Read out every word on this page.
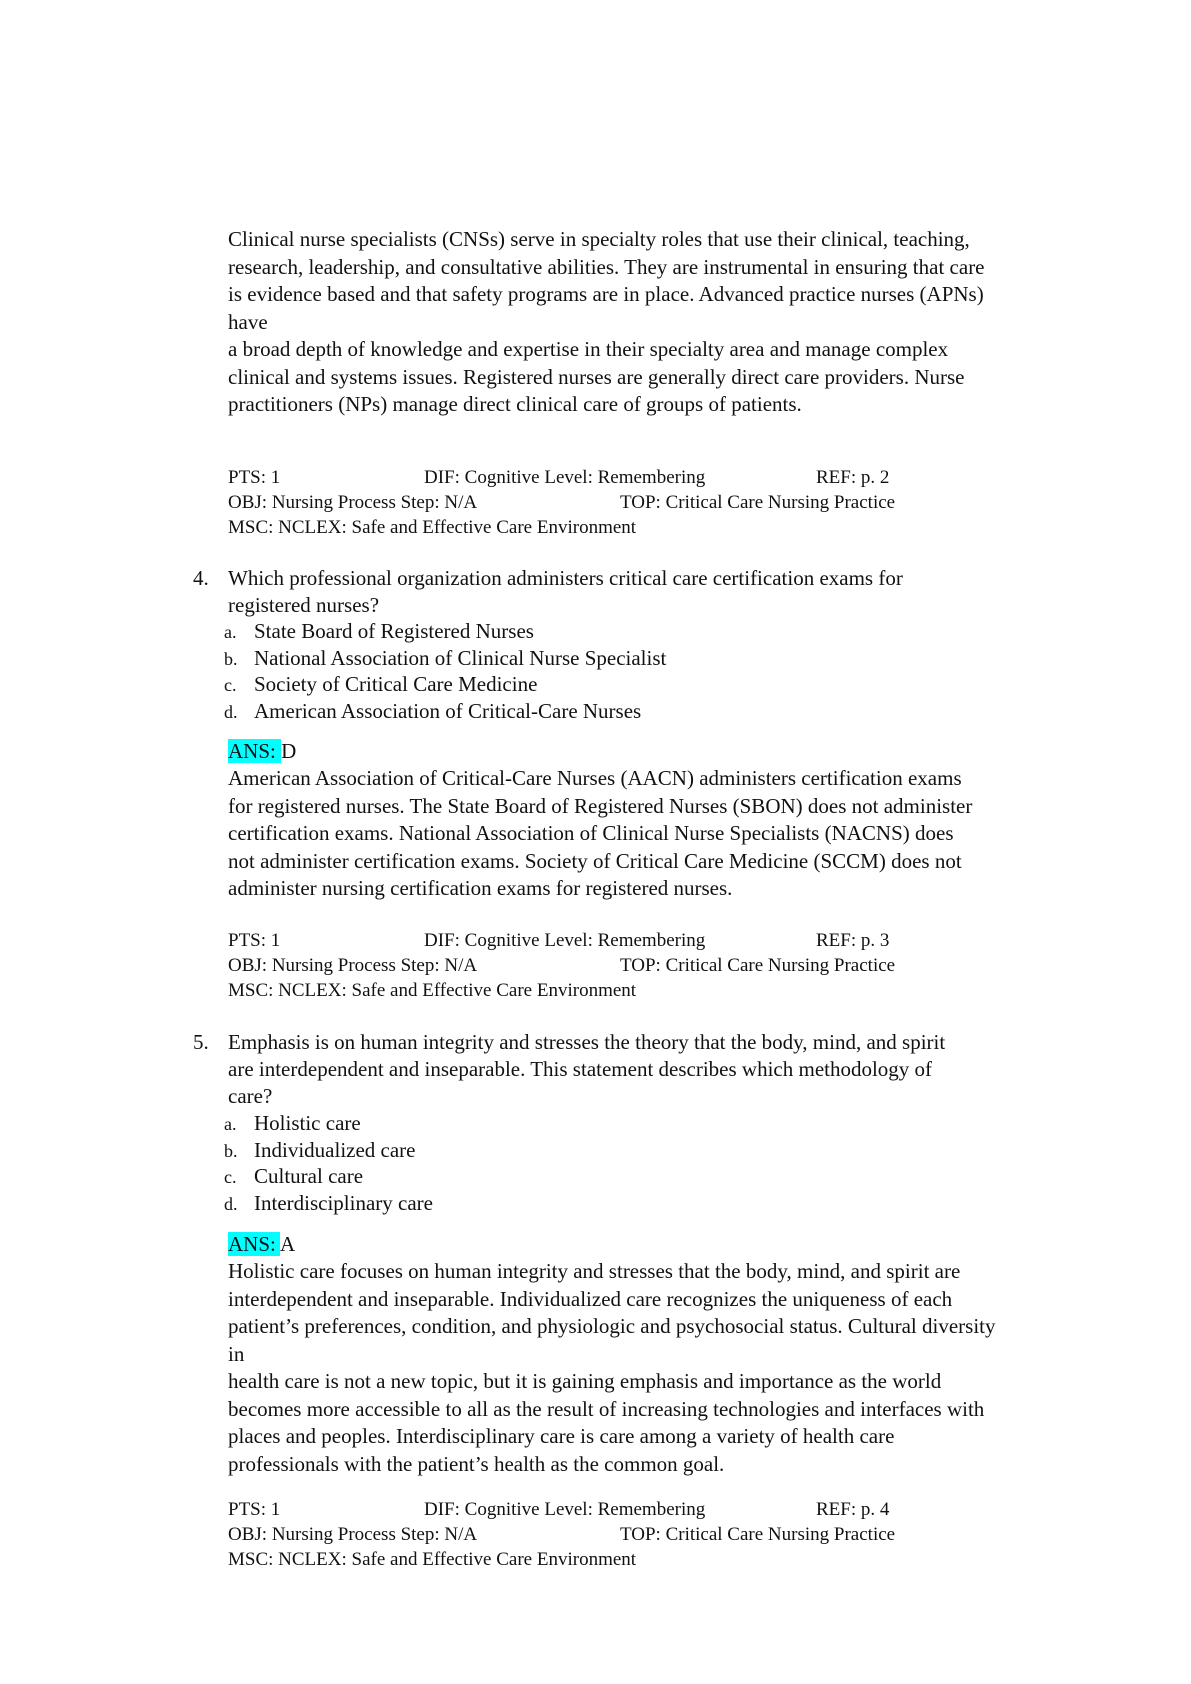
Clinical nurse specialists (CNSs) serve in specialty roles that use their clinical, teaching,
research, leadership, and consultative abilities. They are instrumental in ensuring that care
is evidence based and that safety programs are in place. Advanced practice nurses (APNs)
have
a broad depth of knowledge and expertise in their specialty area and manage complex
clinical and systems issues. Registered nurses are generally direct care providers. Nurse
practitioners (NPs) manage direct clinical care of groups of patients.
PTS: 1	DIF: Cognitive Level: Remembering	REF: p. 2
OBJ: Nursing Process Step: N/A	TOP: Critical Care Nursing Practice
MSC: NCLEX: Safe and Effective Care Environment
4. Which professional organization administers critical care certification exams for
registered nurses?
a. State Board of Registered Nurses
b. National Association of Clinical Nurse Specialist
c. Society of Critical Care Medicine
d. American Association of Critical-Care Nurses
ANS: D
American Association of Critical-Care Nurses (AACN) administers certification exams
for registered nurses. The State Board of Registered Nurses (SBON) does not administer
certification exams. National Association of Clinical Nurse Specialists (NACNS) does
not administer certification exams. Society of Critical Care Medicine (SCCM) does not
administer nursing certification exams for registered nurses.
PTS: 1	DIF: Cognitive Level: Remembering	REF: p. 3
OBJ: Nursing Process Step: N/A	TOP: Critical Care Nursing Practice
MSC: NCLEX: Safe and Effective Care Environment
5. Emphasis is on human integrity and stresses the theory that the body, mind, and spirit
are interdependent and inseparable. This statement describes which methodology of
care?
a. Holistic care
b. Individualized care
c. Cultural care
d. Interdisciplinary care
ANS: A
Holistic care focuses on human integrity and stresses that the body, mind, and spirit are
interdependent and inseparable. Individualized care recognizes the uniqueness of each
patient’s preferences, condition, and physiologic and psychosocial status. Cultural diversity
in
health care is not a new topic, but it is gaining emphasis and importance as the world
becomes more accessible to all as the result of increasing technologies and interfaces with
places and peoples. Interdisciplinary care is care among a variety of health care
professionals with the patient’s health as the common goal.
PTS: 1	DIF: Cognitive Level: Remembering	REF: p. 4
OBJ: Nursing Process Step: N/A	TOP: Critical Care Nursing Practice
MSC: NCLEX: Safe and Effective Care Environment
